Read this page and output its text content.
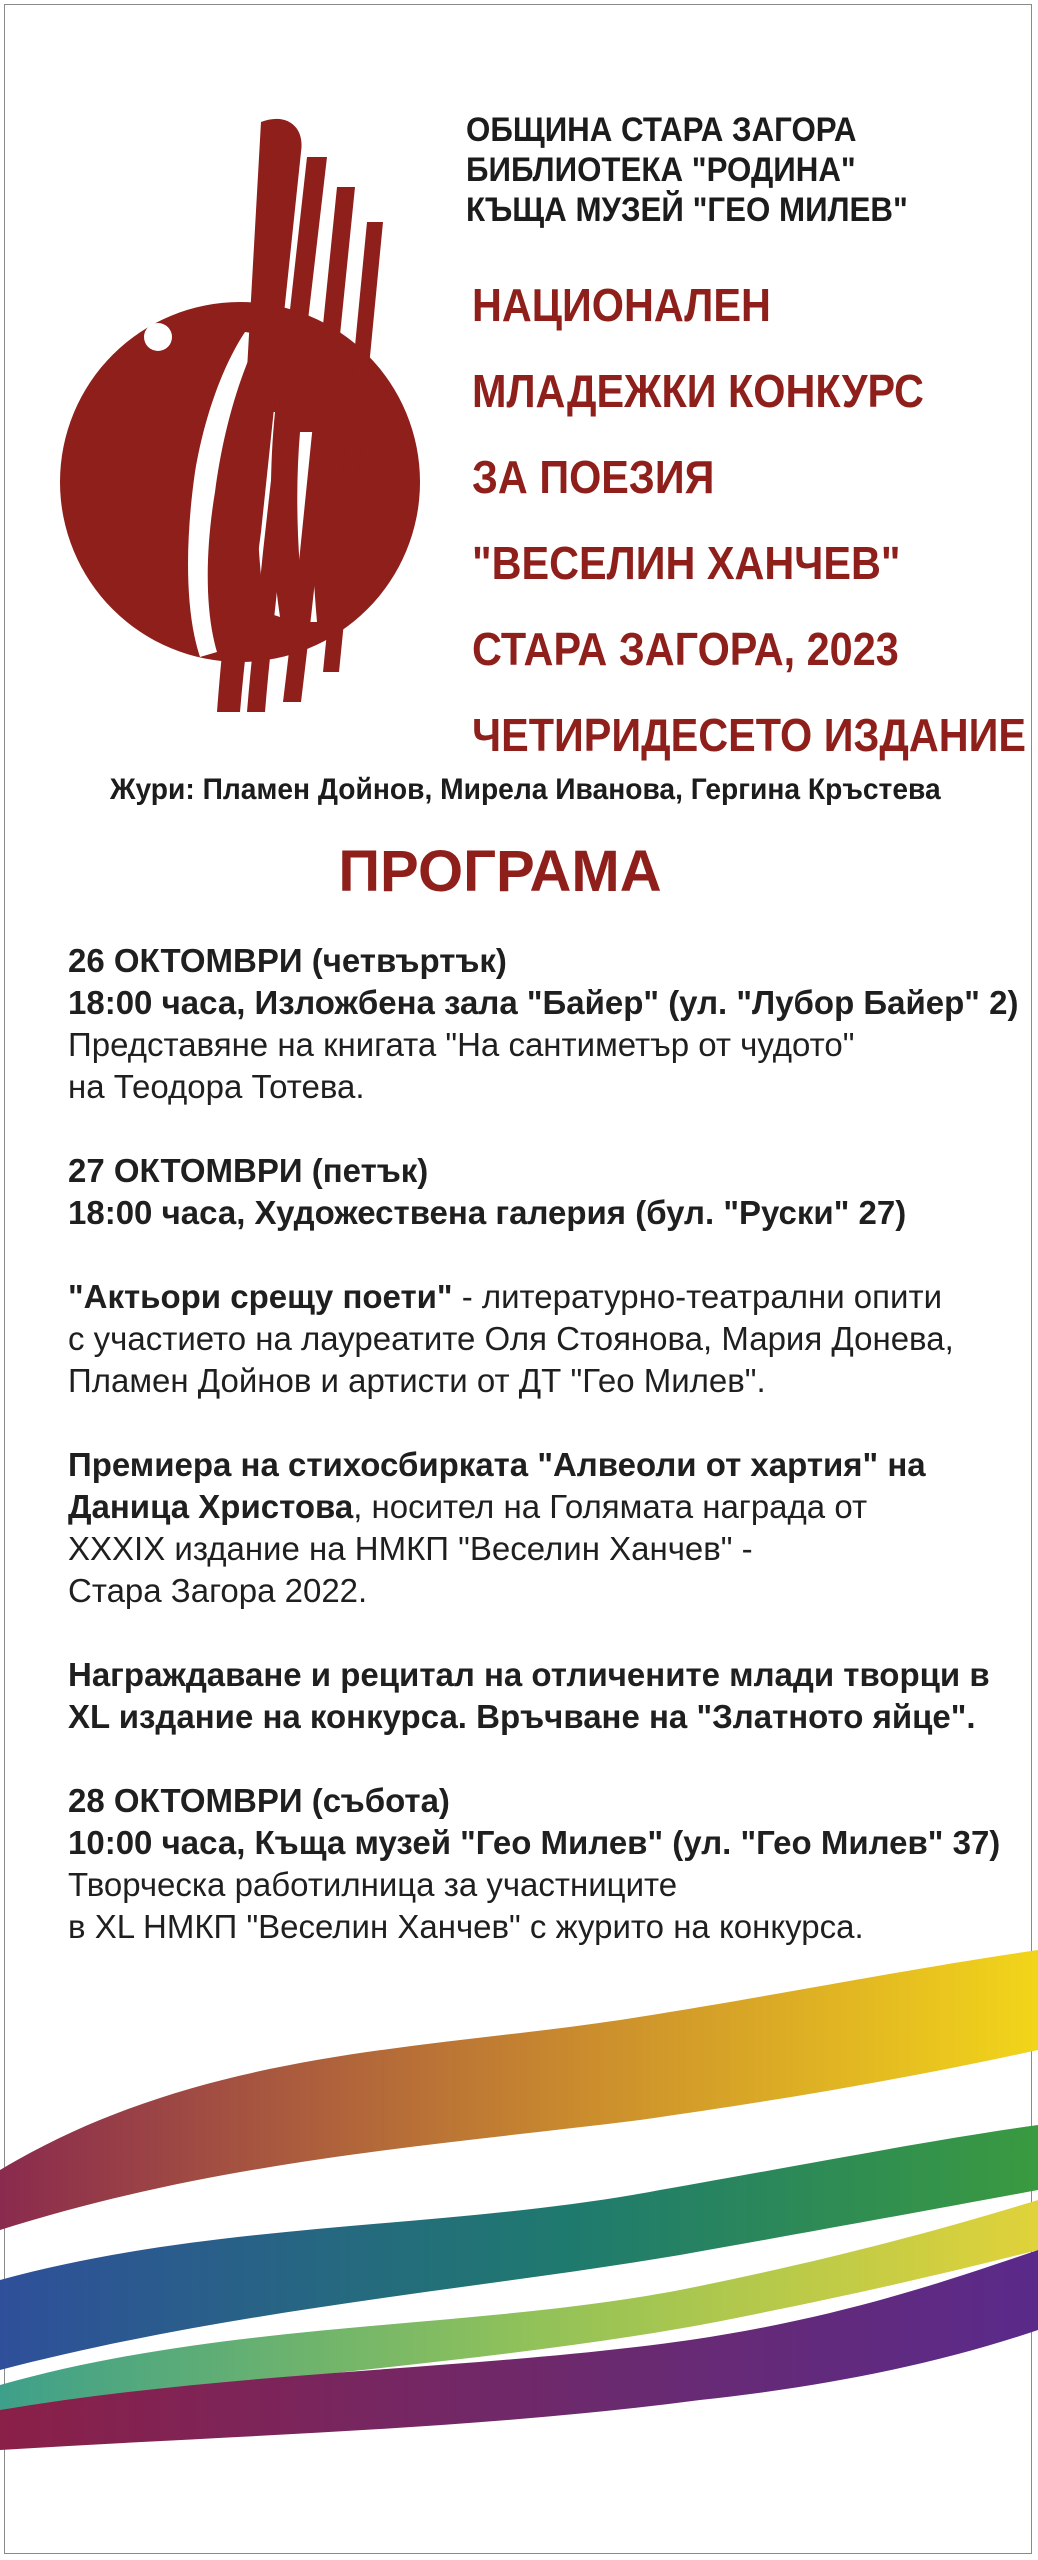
ОБЩИНА СТАРА ЗАГОРА
БИБЛИОТЕКА "РОДИНА"
КЪЩА МУЗЕЙ "ГЕО МИЛЕВ"
НАЦИОНАЛЕН
МЛАДЕЖКИ КОНКУРС
ЗА ПОЕЗИЯ
"ВЕСЕЛИН ХАНЧЕВ"
СТАРА ЗАГОРА, 2023
ЧЕТИРИДЕСЕТО ИЗДАНИЕ
Жури: Пламен Дойнов, Мирела Иванова, Гергина Кръстева
ПРОГРАМА
26 ОКТОМВРИ (четвъртък)
18:00 часа, Изложбена зала "Байер" (ул. "Лубор Байер" 2)
Представяне на книгата "На сантиметър от чудото"
на Теодора Тотева.
27 ОКТОМВРИ (петък)
18:00 часа, Художествена галерия (бул. "Руски" 27)
"Актьори срещу поети" - литературно-театрални опити
с участието на лауреатите Оля Стоянова, Мария Донева,
Пламен Дойнов и артисти от ДТ "Гео Милев".
Премиера на стихосбирката "Алвеоли от хартия" на
Даница Христова, носител на Голямата награда от
XXXIX издание на НМКП "Веселин Ханчев" -
Стара Загора 2022.
Награждаване и рецитал на отличените млади творци в
XL издание на конкурса. Връчване на "Златното яйце".
28 ОКТОМВРИ (събота)
10:00 часа, Къща музей "Гео Милев" (ул. "Гео Милев" 37)
Творческа работилница за участниците
в XL НМКП "Веселин Ханчев" с журито на конкурса.
